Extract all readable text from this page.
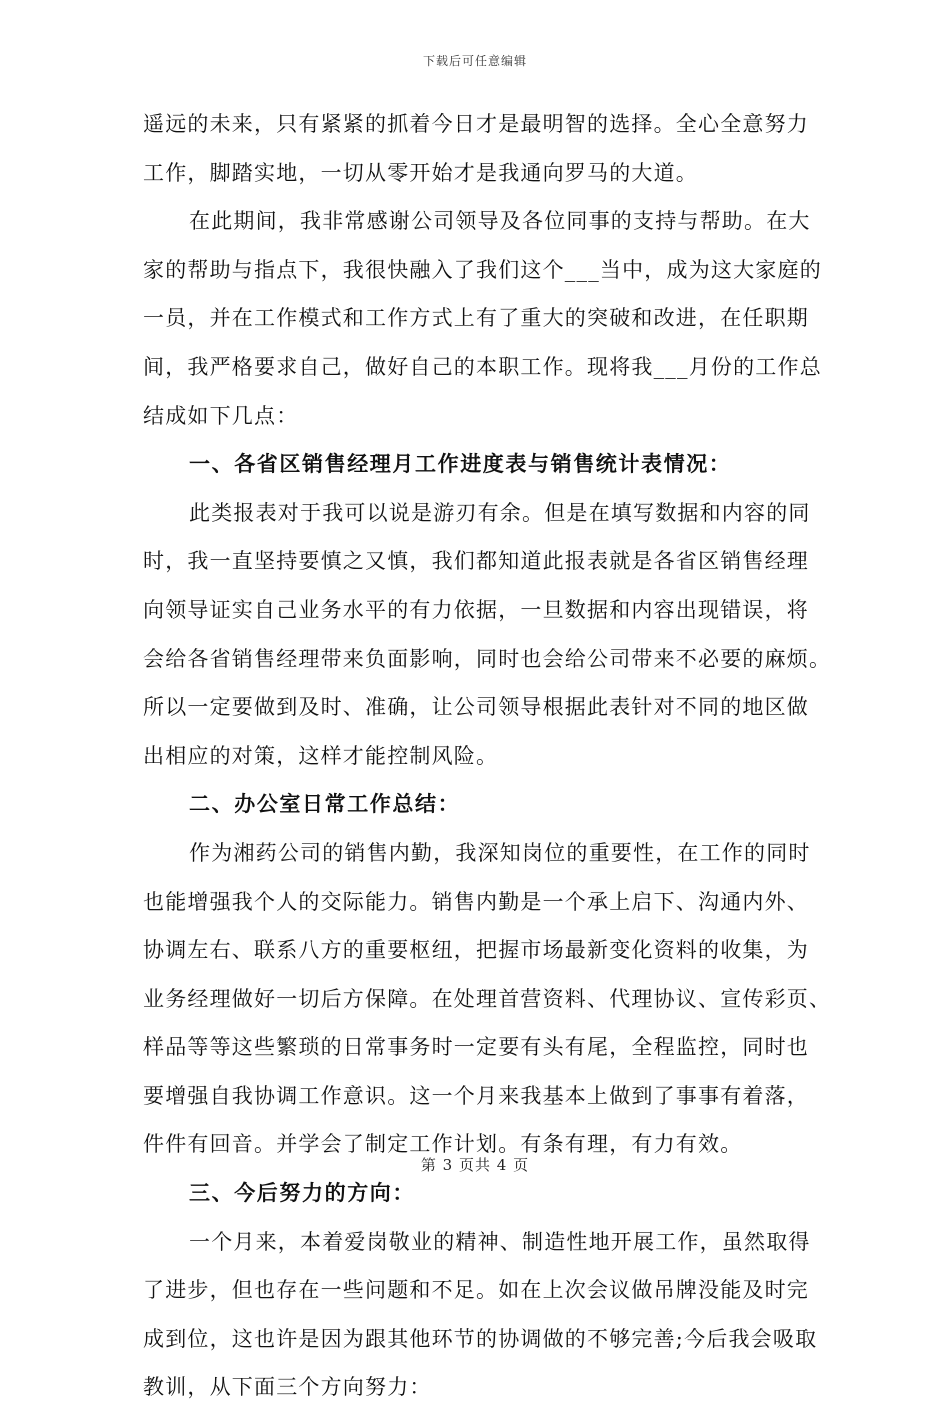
下载后可任意编辑
遥远的未来，只有紧紧的抓着今日才是最明智的选择。全心全意努力
工作，脚踏实地，一切从零开始才是我通向罗马的大道。
在此期间，我非常感谢公司领导及各位同事的支持与帮助。在大
家的帮助与指点下，我很快融入了我们这个___当中，成为这大家庭的
一员，并在工作模式和工作方式上有了重大的突破和改进，在任职期
间，我严格要求自己，做好自己的本职工作。现将我___月份的工作总
结成如下几点：
一、各省区销售经理月工作进度表与销售统计表情况：
此类报表对于我可以说是游刃有余。但是在填写数据和内容的同
时，我一直坚持要慎之又慎，我们都知道此报表就是各省区销售经理
向领导证实自己业务水平的有力依据，一旦数据和内容出现错误，将
会给各省销售经理带来负面影响，同时也会给公司带来不必要的麻烦。
所以一定要做到及时、准确，让公司领导根据此表针对不同的地区做
出相应的对策，这样才能控制风险。
二、办公室日常工作总结：
作为湘药公司的销售内勤，我深知岗位的重要性，在工作的同时
也能增强我个人的交际能力。销售内勤是一个承上启下、沟通内外、
协调左右、联系八方的重要枢纽，把握市场最新变化资料的收集，为
业务经理做好一切后方保障。在处理首营资料、代理协议、宣传彩页、
样品等等这些繁琐的日常事务时一定要有头有尾，全程监控，同时也
要增强自我协调工作意识。这一个月来我基本上做到了事事有着落，
件件有回音。并学会了制定工作计划。有条有理，有力有效。
三、今后努力的方向：
一个月来，本着爱岗敬业的精神、制造性地开展工作，虽然取得
了进步，但也存在一些问题和不足。如在上次会议做吊牌没能及时完
成到位，这也许是因为跟其他环节的协调做的不够完善;今后我会吸取
教训，从下面三个方向努力：
第 3 页共 4 页
